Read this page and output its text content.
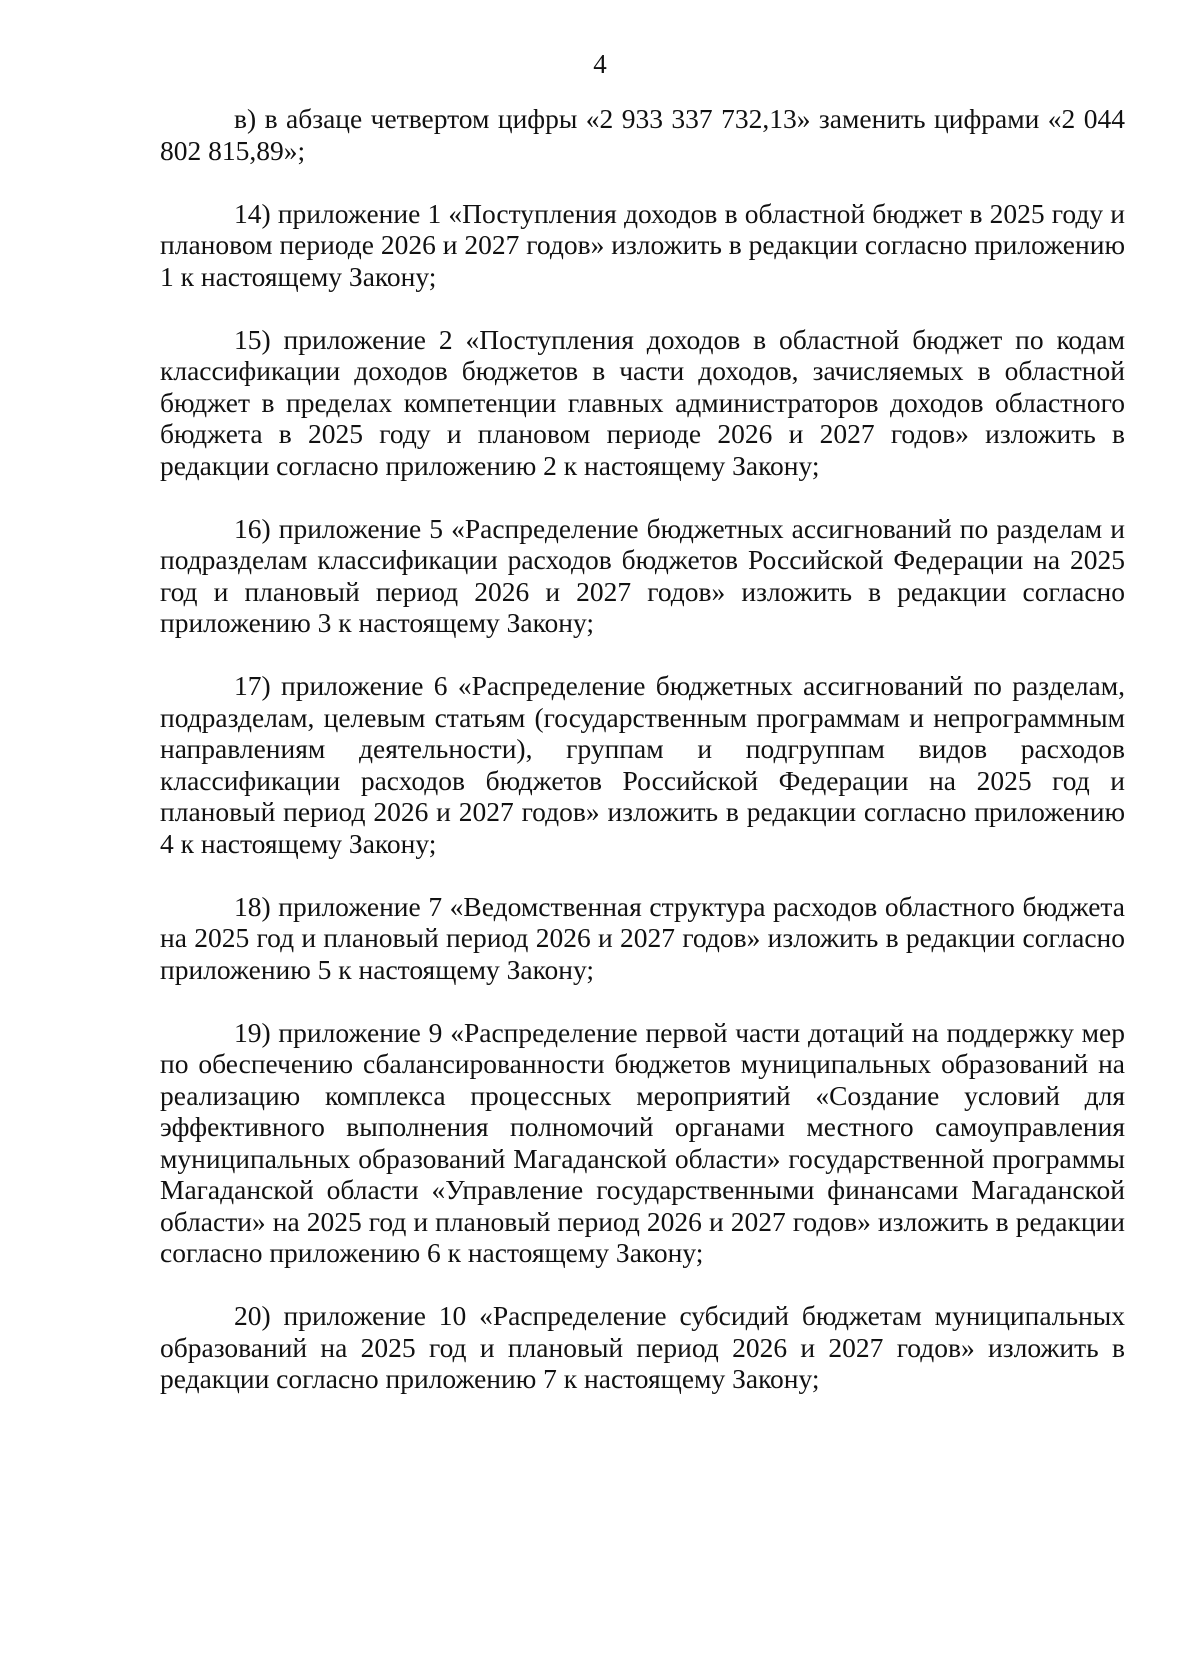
4

в) в абзаце четвертом цифры «2 933 337 732,13» заменить цифрами «2 044 802 815,89»;

14) приложение 1 «Поступления доходов в областной бюджет в 2025 году и плановом периоде 2026 и 2027 годов» изложить в редакции согласно приложению 1 к настоящему Закону;

15) приложение 2 «Поступления доходов в областной бюджет по кодам классификации доходов бюджетов в части доходов, зачисляемых в областной бюджет в пределах компетенции главных администраторов доходов областного бюджета в 2025 году и плановом периоде 2026 и 2027 годов» изложить в редакции согласно приложению 2 к настоящему Закону;

16) приложение 5 «Распределение бюджетных ассигнований по разделам и подразделам классификации расходов бюджетов Российской Федерации на 2025 год и плановый период 2026 и 2027 годов» изложить в редакции согласно приложению 3 к настоящему Закону;

17) приложение 6 «Распределение бюджетных ассигнований по разделам, подразделам, целевым статьям (государственным программам и непрограммным направлениям деятельности), группам и подгруппам видов расходов классификации расходов бюджетов Российской Федерации на 2025 год и плановый период 2026 и 2027 годов» изложить в редакции согласно приложению 4 к настоящему Закону;

18) приложение 7 «Ведомственная структура расходов областного бюджета на 2025 год и плановый период 2026 и 2027 годов» изложить в редакции согласно приложению 5 к настоящему Закону;

19) приложение 9 «Распределение первой части дотаций на поддержку мер по обеспечению сбалансированности бюджетов муниципальных образований на реализацию комплекса процессных мероприятий «Создание условий для эффективного выполнения полномочий органами местного самоуправления муниципальных образований Магаданской области» государственной программы Магаданской области «Управление государственными финансами Магаданской области» на 2025 год и плановый период 2026 и 2027 годов» изложить в редакции согласно приложению 6 к настоящему Закону;

20) приложение 10 «Распределение субсидий бюджетам муниципальных образований на 2025 год и плановый период 2026 и 2027 годов» изложить в редакции согласно приложению 7 к настоящему Закону;
